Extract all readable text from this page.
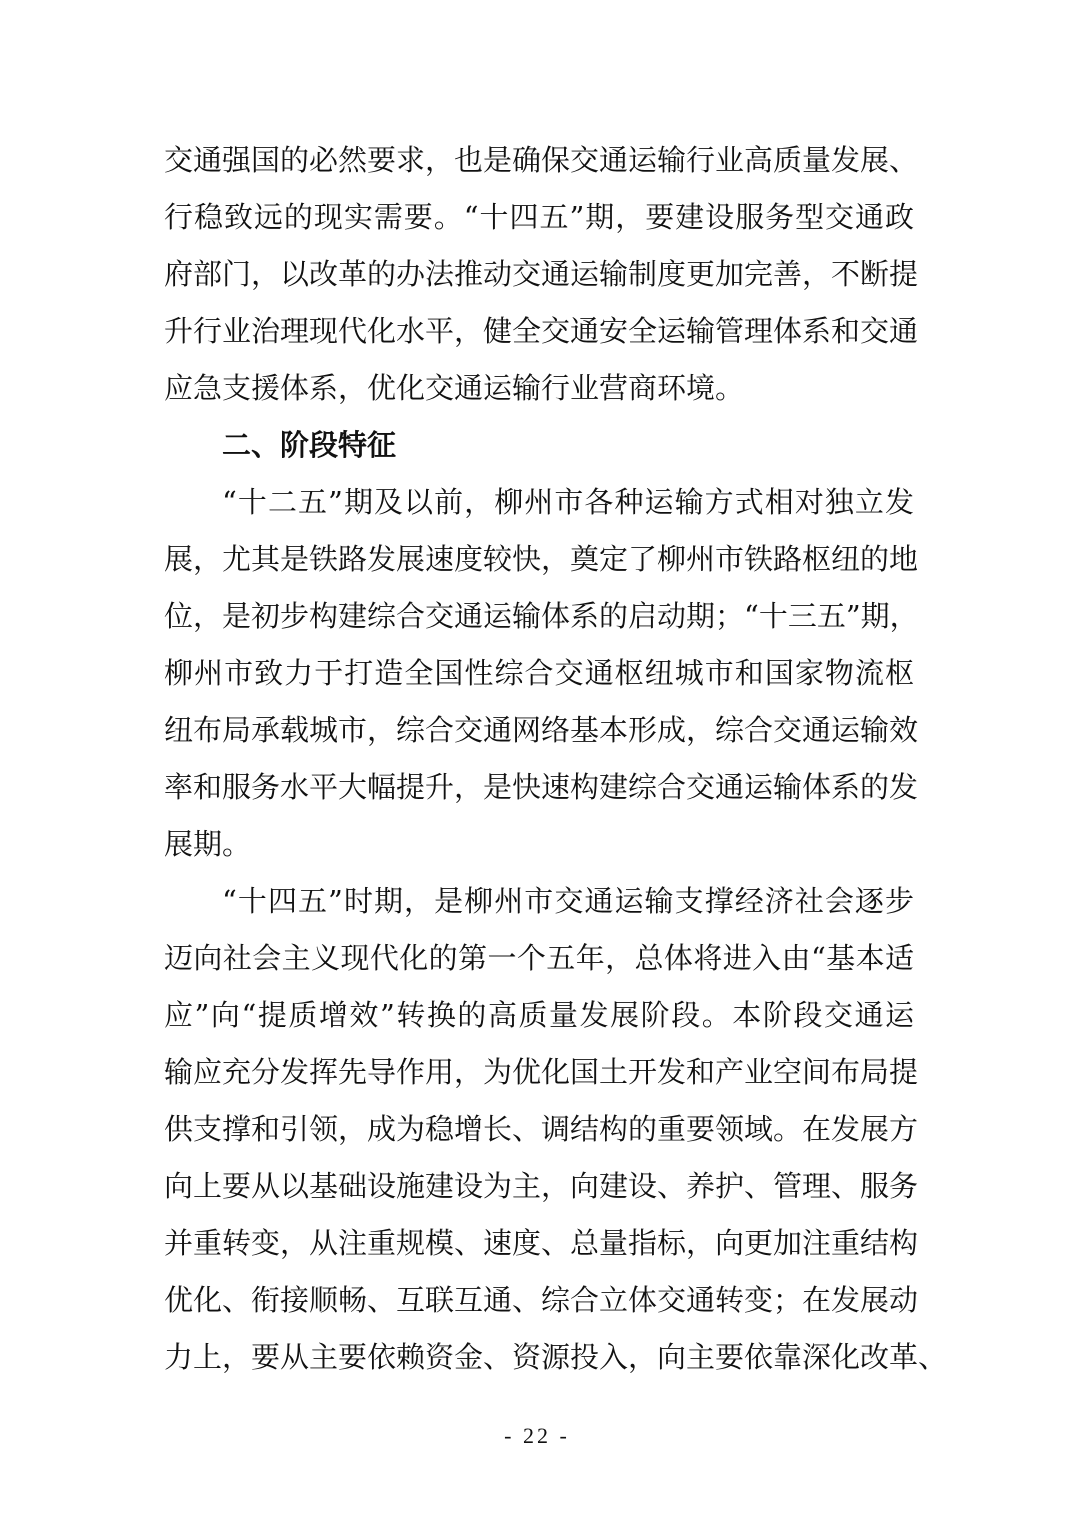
交通强国的必然要求，也是确保交通运输行业高质量发展、
行稳致远的现实需要。“十四五”期，要建设服务型交通政
府部门，以改革的办法推动交通运输制度更加完善，不断提
升行业治理现代化水平，健全交通安全运输管理体系和交通
应急支援体系，优化交通运输行业营商环境。
二、阶段特征
“十二五”期及以前，柳州市各种运输方式相对独立发
展，尤其是铁路发展速度较快，奠定了柳州市铁路枢纽的地
位，是初步构建综合交通运输体系的启动期；“十三五”期，
柳州市致力于打造全国性综合交通枢纽城市和国家物流枢
纽布局承载城市，综合交通网络基本形成，综合交通运输效
率和服务水平大幅提升，是快速构建综合交通运输体系的发
展期。
“十四五”时期，是柳州市交通运输支撑经济社会逐步
迈向社会主义现代化的第一个五年，总体将进入由“基本适
应”向“提质增效”转换的高质量发展阶段。本阶段交通运
输应充分发挥先导作用，为优化国土开发和产业空间布局提
供支撑和引领，成为稳增长、调结构的重要领域。在发展方
向上要从以基础设施建设为主，向建设、养护、管理、服务
并重转变，从注重规模、速度、总量指标，向更加注重结构
优化、衔接顺畅、互联互通、综合立体交通转变；在发展动
力上，要从主要依赖资金、资源投入，向主要依靠深化改革、
- 22 -
